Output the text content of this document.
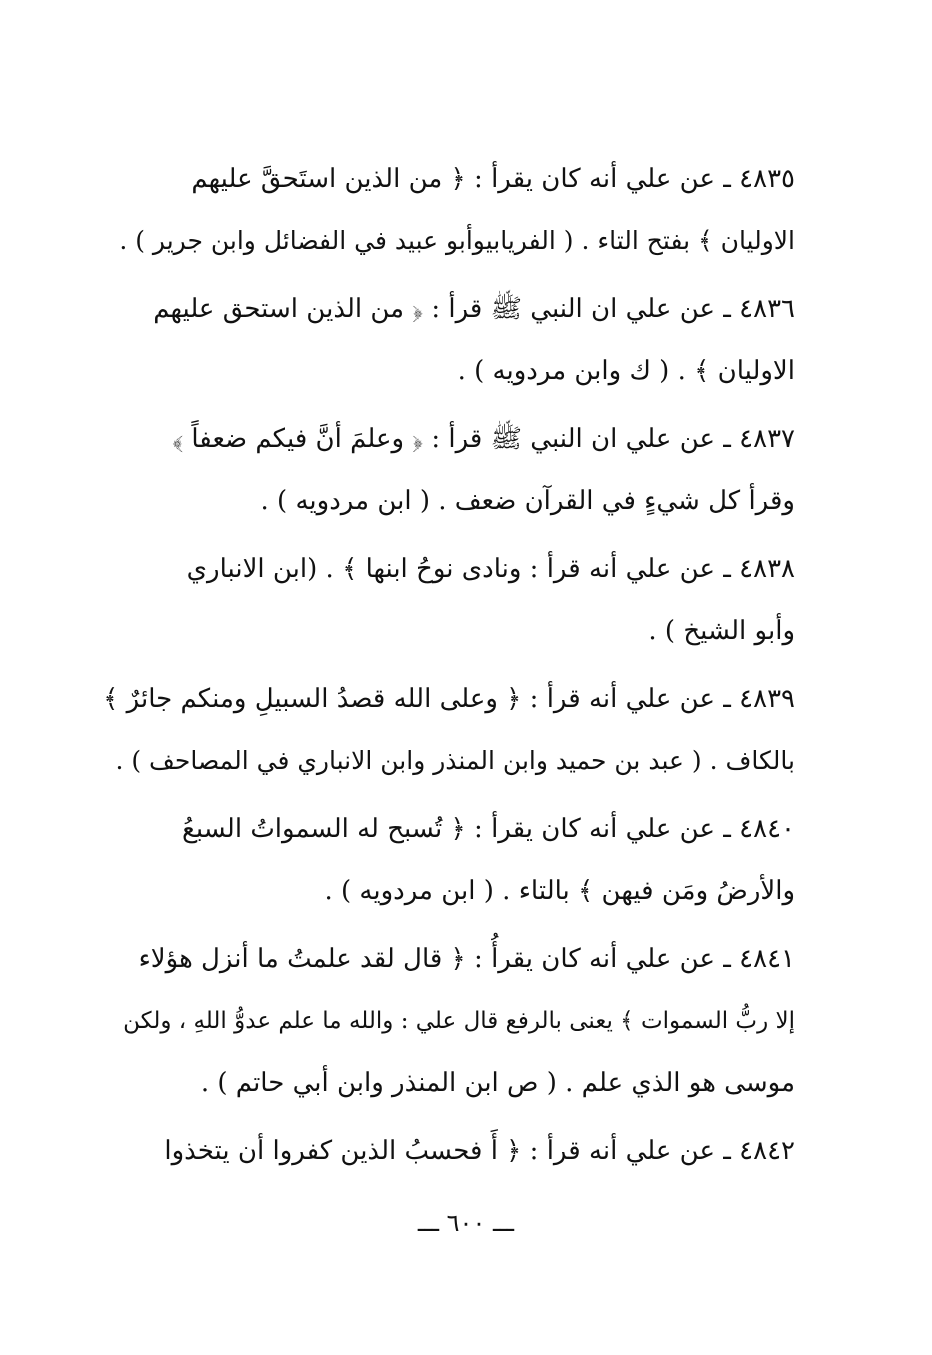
٤٨٣٥ ـ عن علي أنه كان يقرأ : ﴿ من الذين استَحقَّ عليهم
الاوليان ﴾ بفتح التاء . ( الفريابيوأبو عبيد في الفضائل وابن جرير ) .

٤٨٣٦ ـ عن علي ان النبي ﷺ قرأ : ﴿ من الذين استحق عليهم
الاوليان ﴾ . ( ك وابن مردويه ) .

٤٨٣٧ ـ عن علي ان النبي ﷺ قرأ : ﴿ وعلمَ أنَّ فيكم ضعفاً ﴾
وقرأ كل شيءٍ في القرآن ضعف . ( ابن مردويه ) .

٤٨٣٨ ـ عن علي أنه قرأ : ونادى نوحُ ابنها ﴾ . (ابن الانباري
وأبو الشيخ ) .

٤٨٣٩ ـ عن علي أنه قرأ : ﴿ وعلى الله قصدُ السبيلِ ومنكم جائرٌ ﴾
بالكاف . ( عبد بن حميد وابن المنذر وابن الانباري في المصاحف ) .

٤٨٤٠ ـ عن علي أنه كان يقرأ : ﴿ تُسبح له السمواتُ السبعُ
والأرضُ ومَن فيهن ﴾ بالتاء . ( ابن مردويه ) .

٤٨٤١ ـ عن علي أنه كان يقرأُ : ﴿ قال لقد علمتُ ما أنزل هؤلاء
إلا ربُّ السموات ﴾ يعنى بالرفع قال علي : والله ما علم عدوُّ اللهِ ، ولكن
موسى هو الذي علم . ( ص ابن المنذر وابن أبي حاتم ) .

٤٨٤٢ ـ عن علي أنه قرأ : ﴿ أَ فحسبُ الذين كفروا أن يتخذوا

ـــ ٦٠٠ ـــ
